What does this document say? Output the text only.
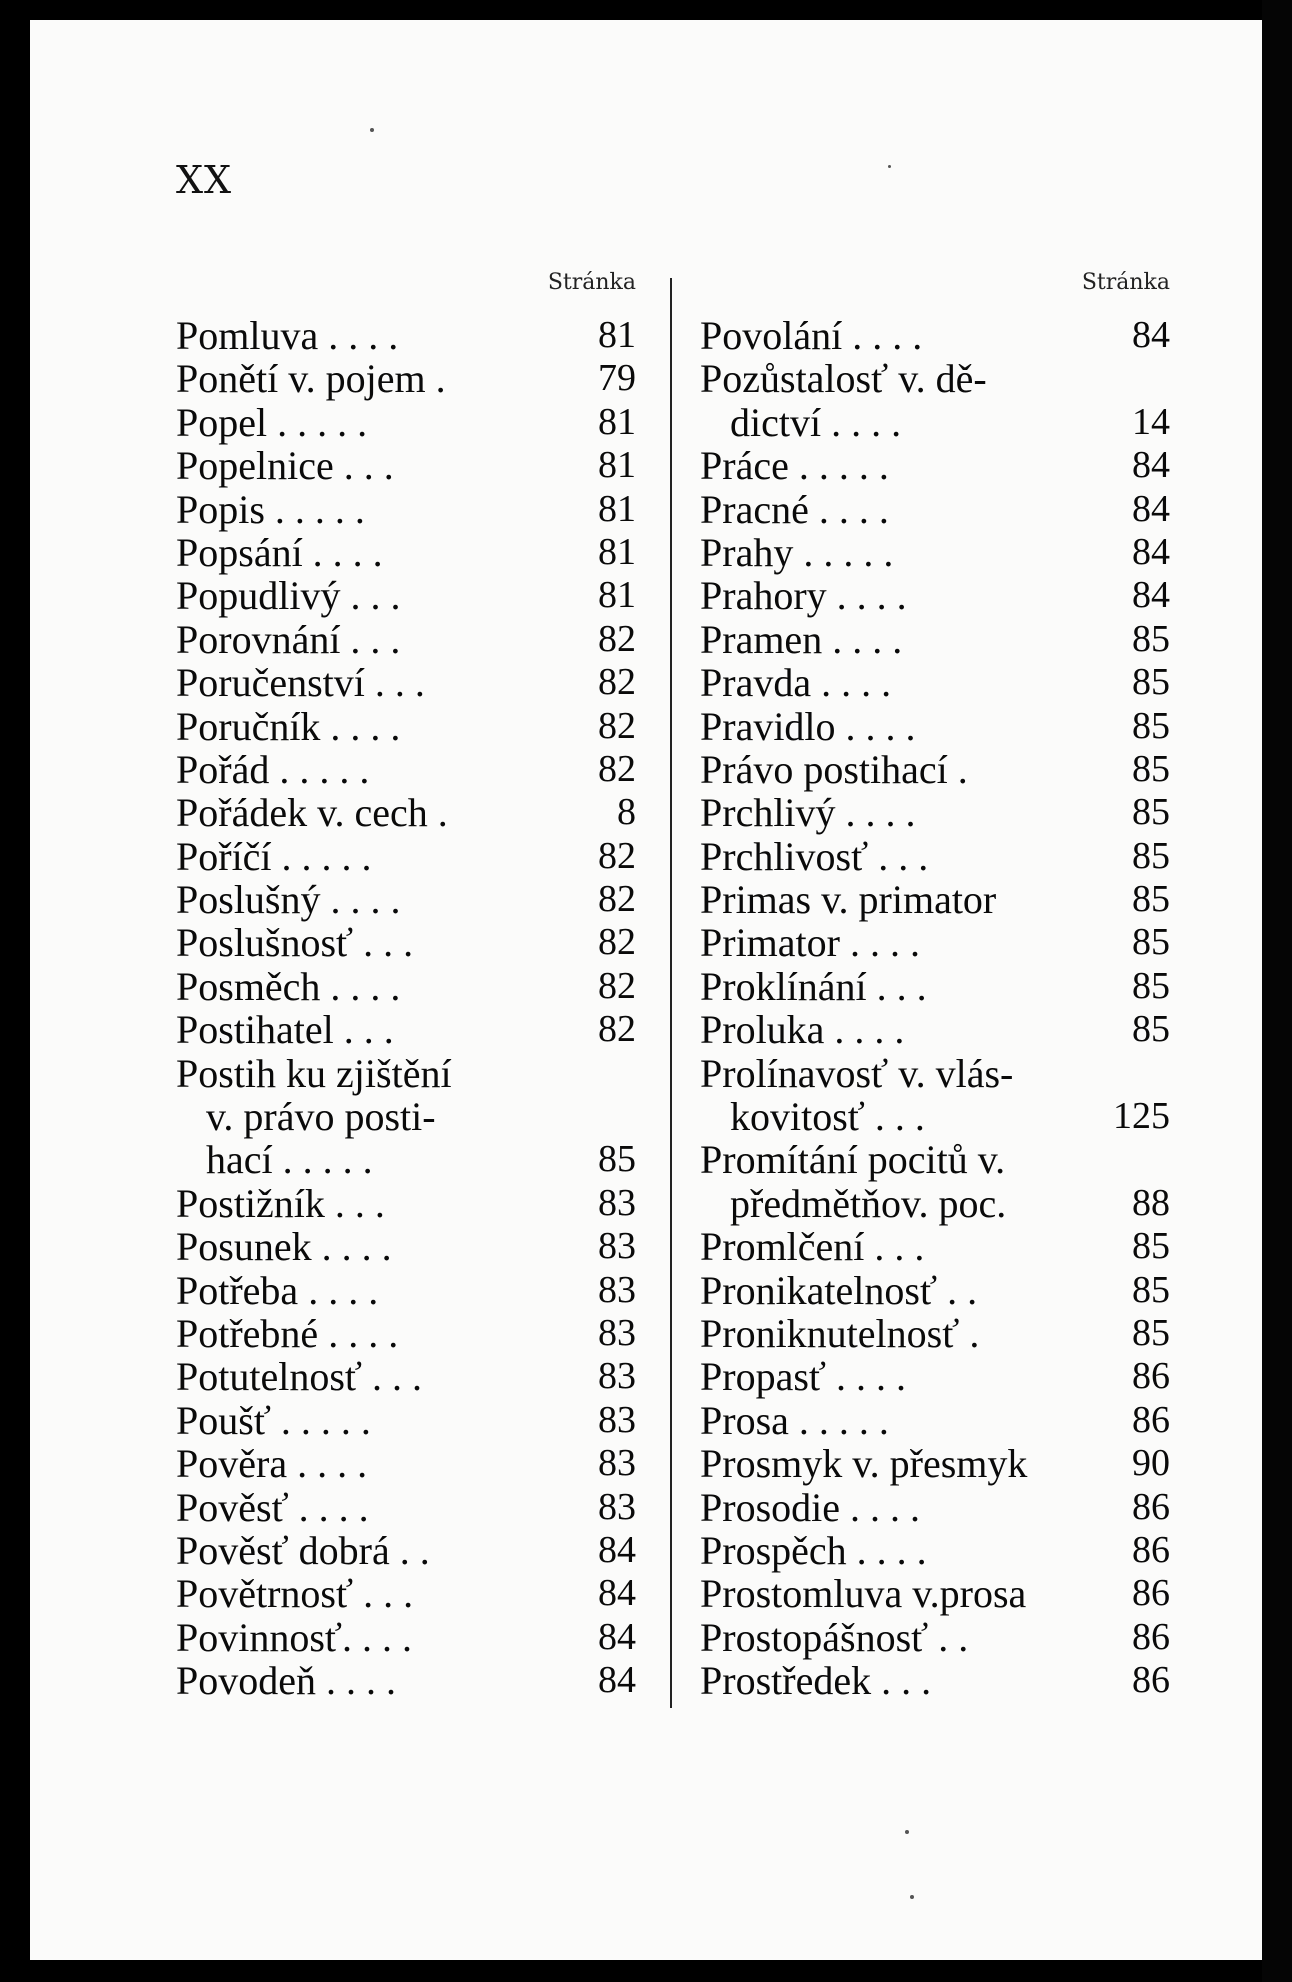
XX
Stránka
Pomluva . . . .	81
Ponětí v. pojem .	79
Popel . . . . .	81
Popelnice . . .	81
Popis . . . . .	81
Popsání . . . .	81
Popudlivý . . .	81
Porovnání . . .	82
Poručenství . . .	82
Poručník . . . .	82
Pořád . . . . .	82
Pořádek v. cech .	8
Poříčí . . . . .	82
Poslušný . . . .	82
Poslušnosť . . .	82
Posměch . . . .	82
Postihatel . . .	82
Postih ku zjištění
v. právo posti-
hací . . . . .	85
Postižník . . .	83
Posunek . . . .	83
Potřeba . . . .	83
Potřebné . . . .	83
Potutelnosť . . .	83
Poušť . . . . .	83
Pověra . . . .	83
Pověsť . . . .	83
Pověsť dobrá . .	84
Povětrnosť . . .	84
Povinnosť. . . .	84
Povodeň . . . .	84
Stránka
Povolání . . . .	84
Pozůstalosť v. dě-
dictví . . . .	14
Práce . . . . .	84
Pracné . . . .	84
Prahy . . . . .	84
Prahory . . . .	84
Pramen . . . .	85
Pravda . . . .	85
Pravidlo . . . .	85
Právo postihací .	85
Prchlivý . . . .	85
Prchlivosť . . .	85
Primas v. primator	85
Primator . . . .	85
Proklínání . . .	85
Proluka . . . .	85
Prolínavosť v. vlás-
kovitosť . . .	125
Promítání pocitů v.
předmětňov. poc.	88
Promlčení . . .	85
Pronikatelnosť . .	85
Proniknutelnosť .	85
Propasť . . . .	86
Prosa . . . . .	86
Prosmyk v. přesmyk	90
Prosodie . . . .	86
Prospěch . . . .	86
Prostomluva v.prosa	86
Prostopášnosť . .	86
Prostředek . . .	86
